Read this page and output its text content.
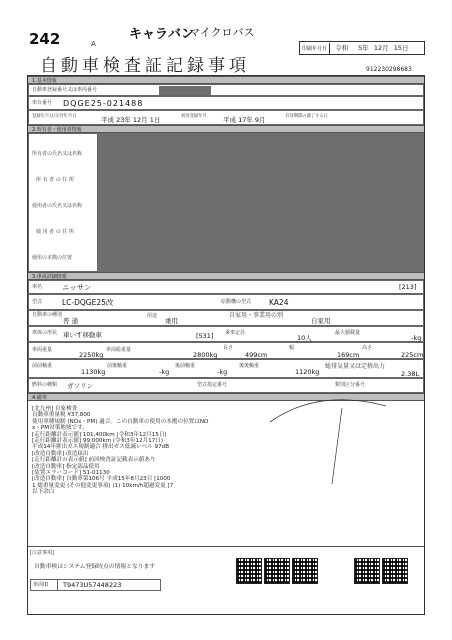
242	キャラバン
マイクロバス
A
自動車検査証記録事項
印刷年月日 令和 5年 12月 15日
912230298683
1.基本情報
自動車登録番号又は車両番号
車台番号 DQGE25-021488
登録年月日/交付年月日	平成 23年 12月 1日	初度登録年月 平成 17年 9月	有効期間の満了する日
2.所有者・使用者情報
所有者の氏名又は名称
所 有 者 の 住 所
使用者の氏名又は名称
使 用 者 の 住 所
使用の本拠の位置
3.車両詳細情報
車名	ニッサン	[213]
型式	LC-DQGE25改	原動機の型式 KA24
自動車の種別
普 通
用途
乗用
自家用・事業用の別
自家用
車体の形状 車いす移動車	[531] 乗車定員
10人
最大積載量
-kg
車両重量
2250kg
車両総重量
2800kg
長さ
499cm
幅
169cm
高さ
225cm
前前軸重
1130kg
前後軸重
-kg
後前軸重
-kg
後後軸重
1120kg
総排気量又は定格出力
2.38L
燃料の種類 ガソリン	型式指定番号	類別区分番号
4.備考
[北九州] 自家検査
自動車重量税 ¥37,800
使用車種規制 (NOx・PM) 適合。この自動車の使用の本拠の位置はNO
x・PM対策地域です。
[走行距離計表示値] 101,400km (令和3年12月15日)
[走行距離計表示値] 99,000km (令和3年12月17日)
平成14年排出ガス規制適合 排出ガス低減レベル 97dB
[改造自動車] 改造届出
[走行距離計の表示値] 前回検査証記載表示値あり
[改造自動車] 指定部品使用
[装置エラーコード] 51-01130
[改造自動車] 自動車第106号 平成15年8月23日 [1000
1 総重量変更 (その他変更事項) (1) 10km/h超過変更 [7
以下余白
[注意事項]
自動車検はシステム登録時点の情報となります
車両ID T9473U57448223
